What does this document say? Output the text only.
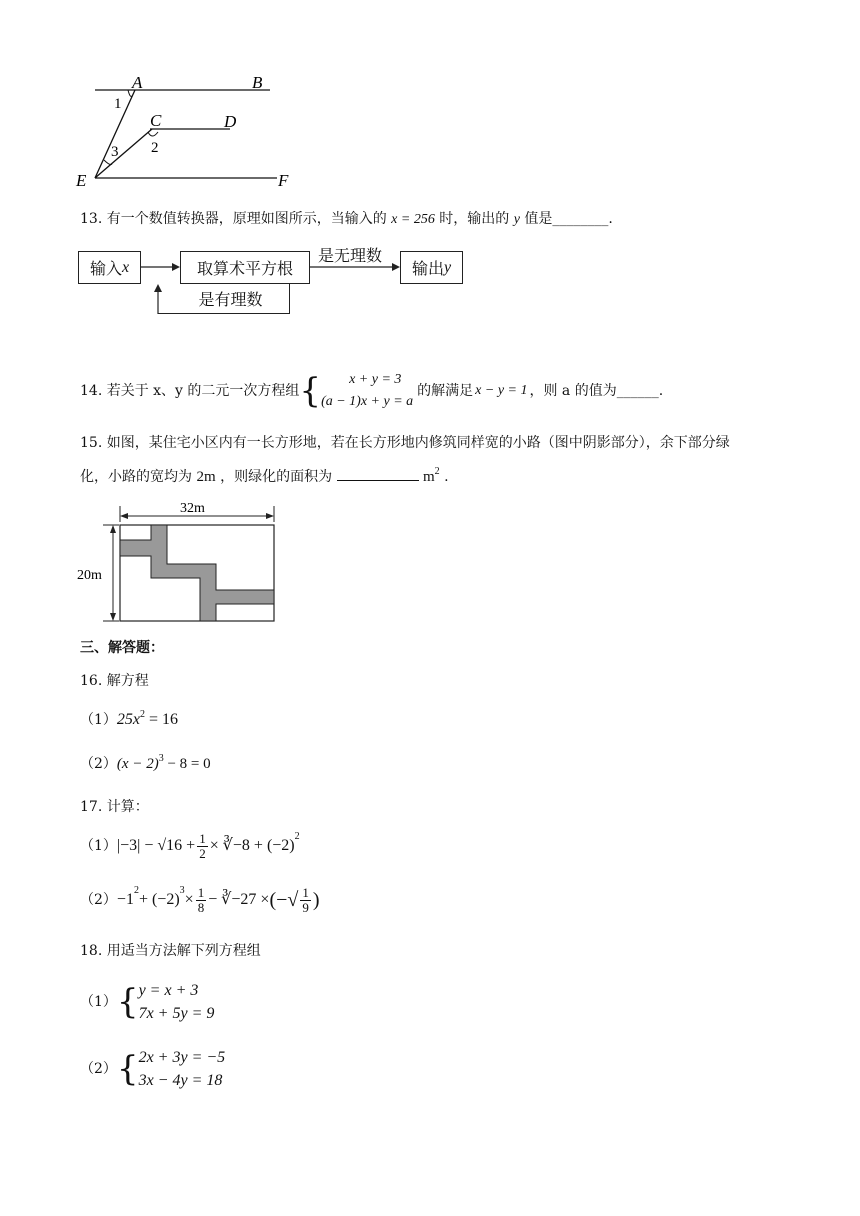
A	B
C	D
E	F
1
2
3
13. 有一个数值转换器，原理如图所示，当输入的 x = 256 时，输出的 y 值是________.
输入 x	取算术平方根	输出 y
是有理数
是无理数
14. 若关于 x、y 的二元一次方程组 {	x + y = 3
(a − 1)x + y = a
的解满足 x − y = 1 ，则 a 的值为______.
15. 如图，某住宅小区内有一长方形地，若在长方形地内修筑同样宽的小路（图中阴影部分），余下部分绿
化，小路的宽均为 2m ，则绿化的面积为	$m^2$ .
32m
20m
三、解答题：
16. 解方程
$(1)25x^2 = 16$
$(2)(x - 2)^3 - 8 = 0$
17. 计算：
（1） $|-3| - √16 + \frac{1}{2}$ × ∛−8 + (−2)
2
（2） −1
2
+ (−2)
3
× $\frac{1}{8}$ − ∛−27 × (−√ $\frac{1}{9}$ )
18. 用适当方法解下列方程组
（1） { y = x + 3
7x + 5y = 9
（2） { 2x + 3y = −5
3x − 4y = 18
